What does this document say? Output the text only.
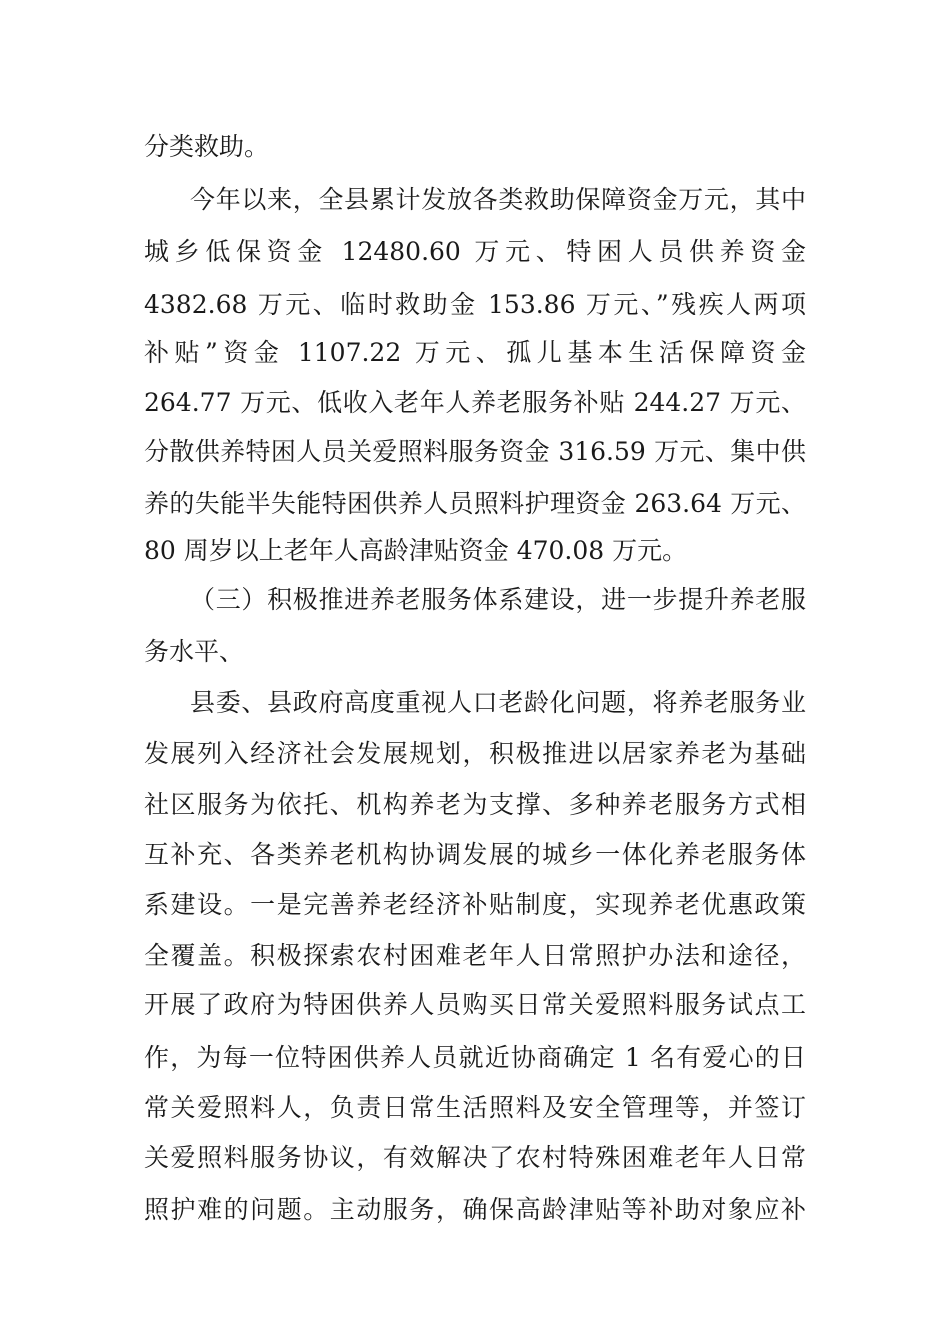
分类救助。
今年以来，全县累计发放各类救助保障资金万元，其中
城乡低保资金 12480.60 万元、特困人员供养资金
4382.68 万元、临时救助金 153.86 万元、”残疾人两项
补贴”资金 1107.22 万元、孤儿基本生活保障资金
264.77 万元、低收入老年人养老服务补贴 244.27 万元、
分散供养特困人员关爱照料服务资金 316.59 万元、集中供
养的失能半失能特困供养人员照料护理资金 263.64 万元、
80 周岁以上老年人高龄津贴资金 470.08 万元。
（三）积极推进养老服务体系建设，进一步提升养老服
务水平、
县委、县政府高度重视人口老龄化问题，将养老服务业
发展列入经济社会发展规划，积极推进以居家养老为基础
社区服务为依托、机构养老为支撑、多种养老服务方式相
互补充、各类养老机构协调发展的城乡一体化养老服务体
系建设。一是完善养老经济补贴制度，实现养老优惠政策
全覆盖。积极探索农村困难老年人日常照护办法和途径，
开展了政府为特困供养人员购买日常关爱照料服务试点工
作，为每一位特困供养人员就近协商确定 1 名有爱心的日
常关爱照料人，负责日常生活照料及安全管理等，并签订
关爱照料服务协议，有效解决了农村特殊困难老年人日常
照护难的问题。主动服务，确保高龄津贴等补助对象应补
